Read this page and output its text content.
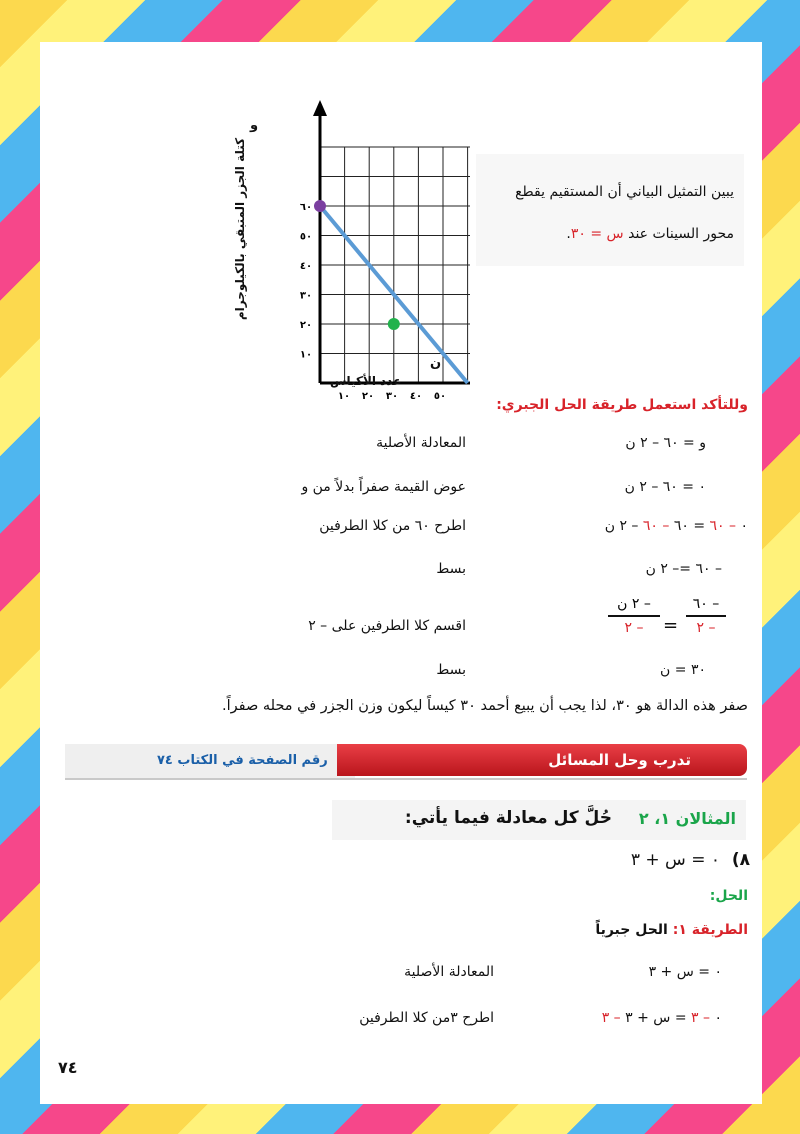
٦٠
٥٠
٤٠
٣٠
٢٠
١٠
١٠ ٢٠ ٣٠ ٤٠ ٥٠
و
ن
كتلة الجزر المتبقي بالكيلوجرام
عدد الأكياس
يبين التمثيل البياني أن المستقيم يقطع
محور السينات عند س = ٣٠.
وللتأكد استعمل طريقة الحل الجبري:
و = ٦٠ – ٢ ن
المعادلة الأصلية
٠ = ٦٠ – ٢ ن
عوض القيمة صفراً بدلاً من و
٠ – ٦٠ = ٦٠ – ٦٠ – ٢ ن
اطرح ٦٠ من كلا الطرفين
– ٦٠ =– ٢ ن
بسط
– ٦٠
– ٢
=
– ٢ ن
– ٢
اقسم كلا الطرفين على – ٢
٣٠ = ن
بسط
صفر هذه الدالة هو ٣٠، لذا يجب أن يبيع أحمد ٣٠ كيساً ليكون وزن الجزر في محله صفراً.
تدرب وحل المسائل
رقم الصفحة في الكتاب ٧٤
المثالان ١، ٢
حُلَّ كل معادلة فيما يأتي:
٨)
٠ = س + ٣
الحل:
الطريقة ١: الحل جبرياً
٠ = س + ٣
المعادلة الأصلية
٠ – ٣ = س + ٣ – ٣
اطرح ٣من كلا الطرفين
٧٤
